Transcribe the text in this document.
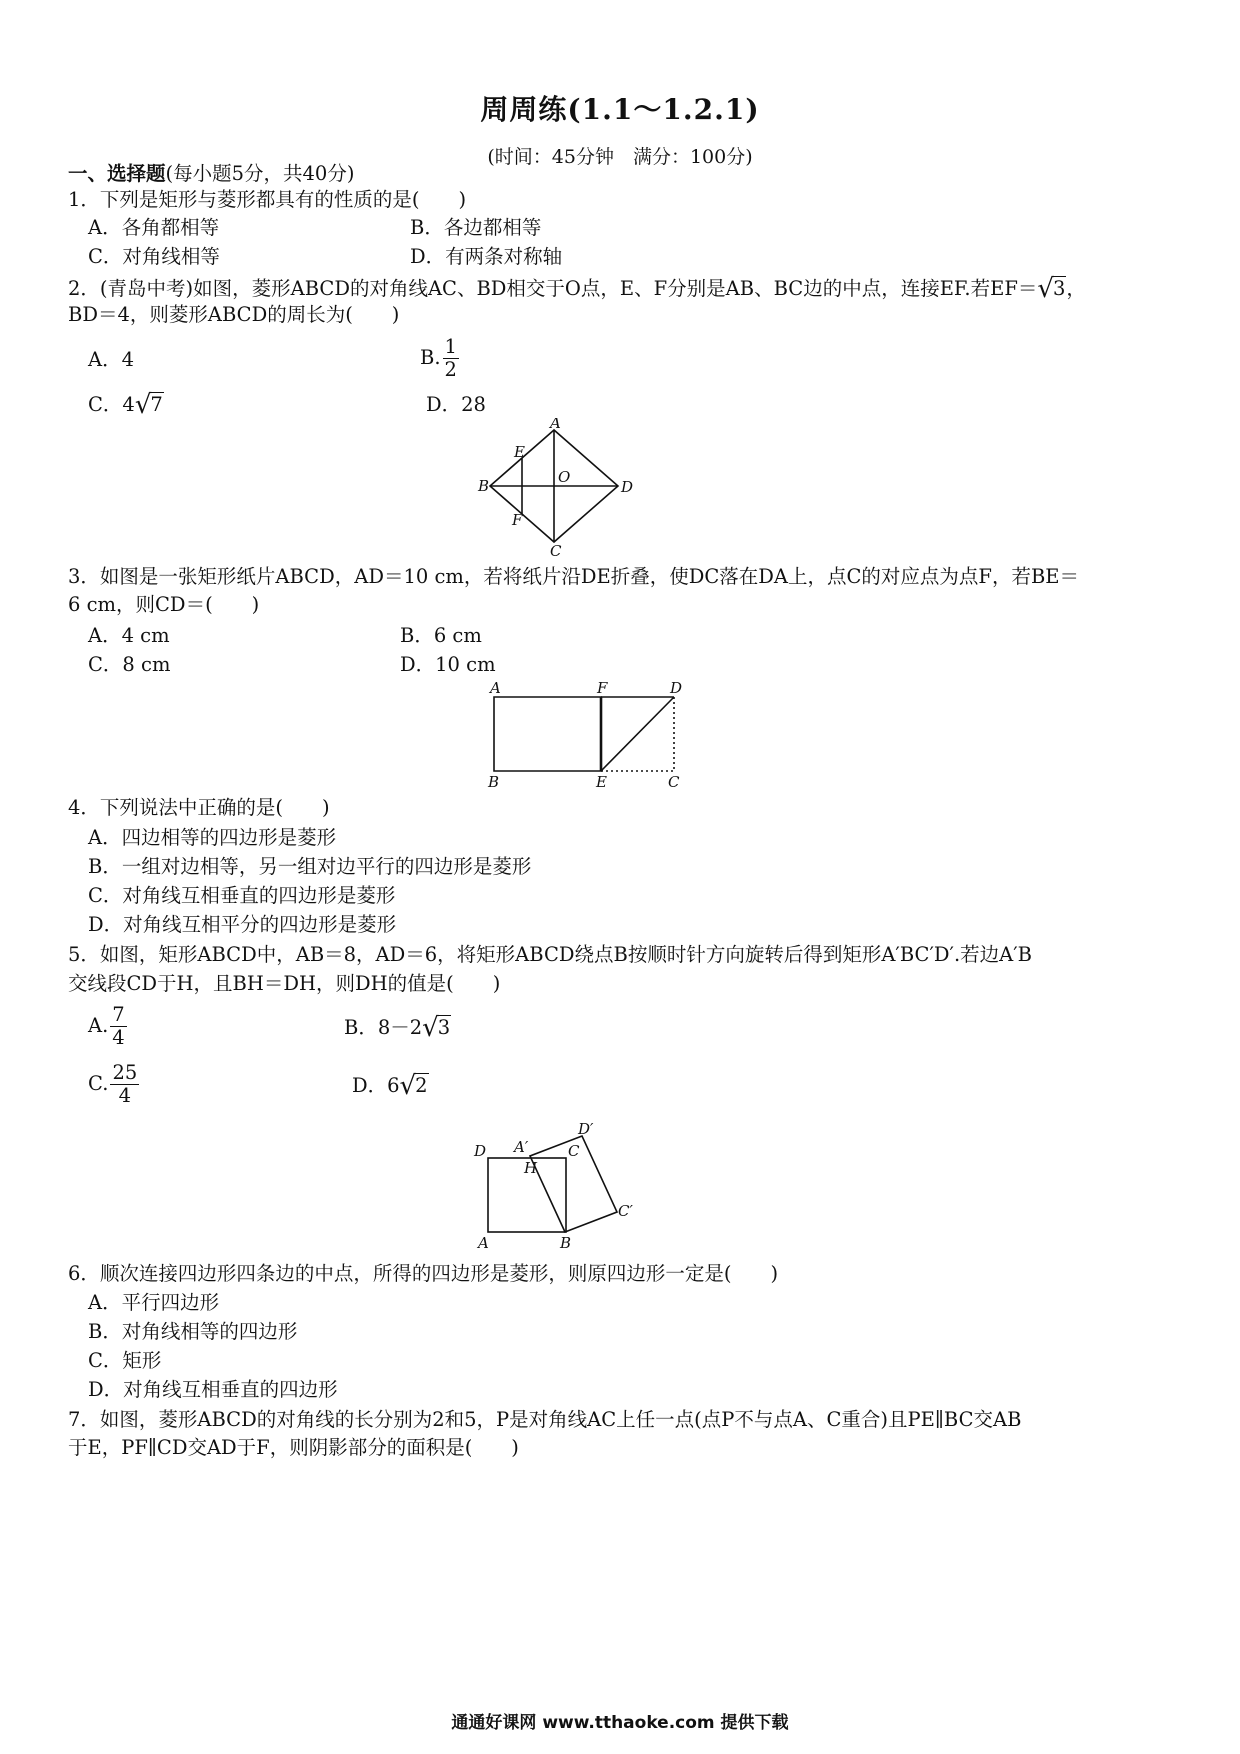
周周练(1.1～1.2.1)
(时间：45分钟　满分：100分)
一、选择题(每小题5分，共40分)
1．下列是矩形与菱形都具有的性质的是(　　)
A．各角都相等	B．各边都相等
C．对角线相等	D．有两条对称轴
2．(青岛中考)如图，菱形ABCD的对角线AC、BD相交于O点，E、F分别是AB、BC边的中点，连接EF.若EF＝√3，
BD＝4，则菱形ABCD的周长为(　　)
A．4	B. $\frac{1}{2}$
C．4√7	D．28
A
B
C
D
E
F
O
3．如图是一张矩形纸片ABCD，AD＝10 cm，若将纸片沿DE折叠，使DC落在DA上，点C的对应点为点F，若BE＝
6 cm，则CD＝(　　)
A．4 cm	B．6 cm
C．8 cm	D．10 cm
A	F	D
B	E	C
4．下列说法中正确的是(　　)
A．四边相等的四边形是菱形
B．一组对边相等，另一组对边平行的四边形是菱形
C．对角线互相垂直的四边形是菱形
D．对角线互相平分的四边形是菱形
5．如图，矩形ABCD中，AB＝8，AD＝6，将矩形ABCD绕点B按顺时针方向旋转后得到矩形A′BC′D′.若边A′B
交线段CD于H，且BH＝DH，则DH的值是(　　)
A. $\frac{7}{4}$	B．8－2√3
C. $\frac{25}{4}$	D．6√2
D A′	C
D′
H
C′
A	B
6．顺次连接四边形四条边的中点，所得的四边形是菱形，则原四边形一定是(　　)
A．平行四边形
B．对角线相等的四边形
C．矩形
D．对角线互相垂直的四边形
7．如图，菱形ABCD的对角线的长分别为2和5，P是对角线AC上任一点(点P不与点A、C重合)且PE∥BC交AB
于E，PF∥CD交AD于F，则阴影部分的面积是(　　)
通通好课网 www.tthaoke.com 提供下载
